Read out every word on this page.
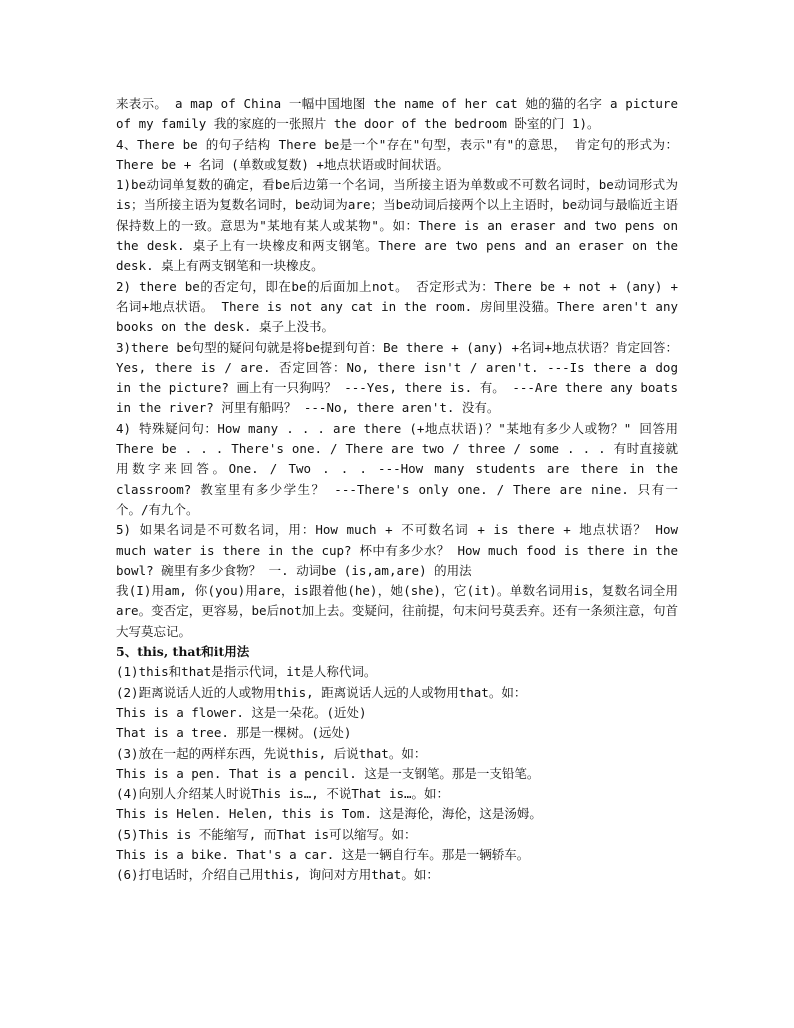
来表示。 a map of China 一幅中国地图 the name of her cat 她的猫的名字 a picture of my family 我的家庭的一张照片 the door of the bedroom 卧室的门 1)。

4、There be 的句子结构 There be是一个"存在"句型，表示"有"的意思， 肯定句的形式为：There be + 名词 (单数或复数) +地点状语或时间状语。

1)be动词单复数的确定，看be后边第一个名词，当所接主语为单数或不可数名词时，be动词形式为is；当所接主语为复数名词时，be动词为are；当be动词后接两个以上主语时，be动词与最临近主语保持数上的一致。意思为"某地有某人或某物"。如：There is an eraser and two pens on the desk. 桌子上有一块橡皮和两支钢笔。There are two pens and an eraser on the desk. 桌上有两支钢笔和一块橡皮。

2) there be的否定句，即在be的后面加上not。 否定形式为：There be + not + (any) + 名词+地点状语。 There is not any cat in the room. 房间里没猫。There aren't any books on the desk. 桌子上没书。

3)there be句型的疑问句就是将be提到句首：Be there + (any) +名词+地点状语？肯定回答：Yes, there is / are. 否定回答：No, there isn't / aren't. ---Is there a dog in the picture? 画上有一只狗吗？ ---Yes, there is. 有。 ---Are there any boats in the river? 河里有船吗？ ---No, there aren't. 没有。

4) 特殊疑问句：How many . . . are there (+地点状语)？"某地有多少人或物？" 回答用There be . . . There's one. / There are two / three / some . . . 有时直接就用数字来回答。One. / Two . . . ---How many students are there in the classroom? 教室里有多少学生？ ---There's only one. / There are nine. 只有一个。/有九个。

5) 如果名词是不可数名词，用：How much + 不可数名词 + is there + 地点状语？ How much water is there in the cup? 杯中有多少水？ How much food is there in the bowl? 碗里有多少食物？ 一. 动词be (is,am,are) 的用法

我(I)用am, 你(you)用are，is跟着他(he)，她(she)，它(it)。单数名词用is，复数名词全用are。变否定，更容易，be后not加上去。变疑问，往前提，句末问号莫丢弃。还有一条须注意，句首大写莫忘记。

5、this, that和it用法

(1)this和that是指示代词，it是人称代词。

(2)距离说话人近的人或物用this, 距离说话人远的人或物用that。如：

This is a flower. 这是一朵花。(近处)

That is a tree. 那是一棵树。(远处)

(3)放在一起的两样东西，先说this, 后说that。如：

This is a pen. That is a pencil. 这是一支钢笔。那是一支铅笔。

(4)向别人介绍某人时说This is…, 不说That is…。如：

This is Helen. Helen, this is Tom. 这是海伦，海伦，这是汤姆。

(5)This is 不能缩写, 而That is可以缩写。如：

This is a bike. That's a car. 这是一辆自行车。那是一辆轿车。

(6)打电话时，介绍自己用this, 询问对方用that。如：
